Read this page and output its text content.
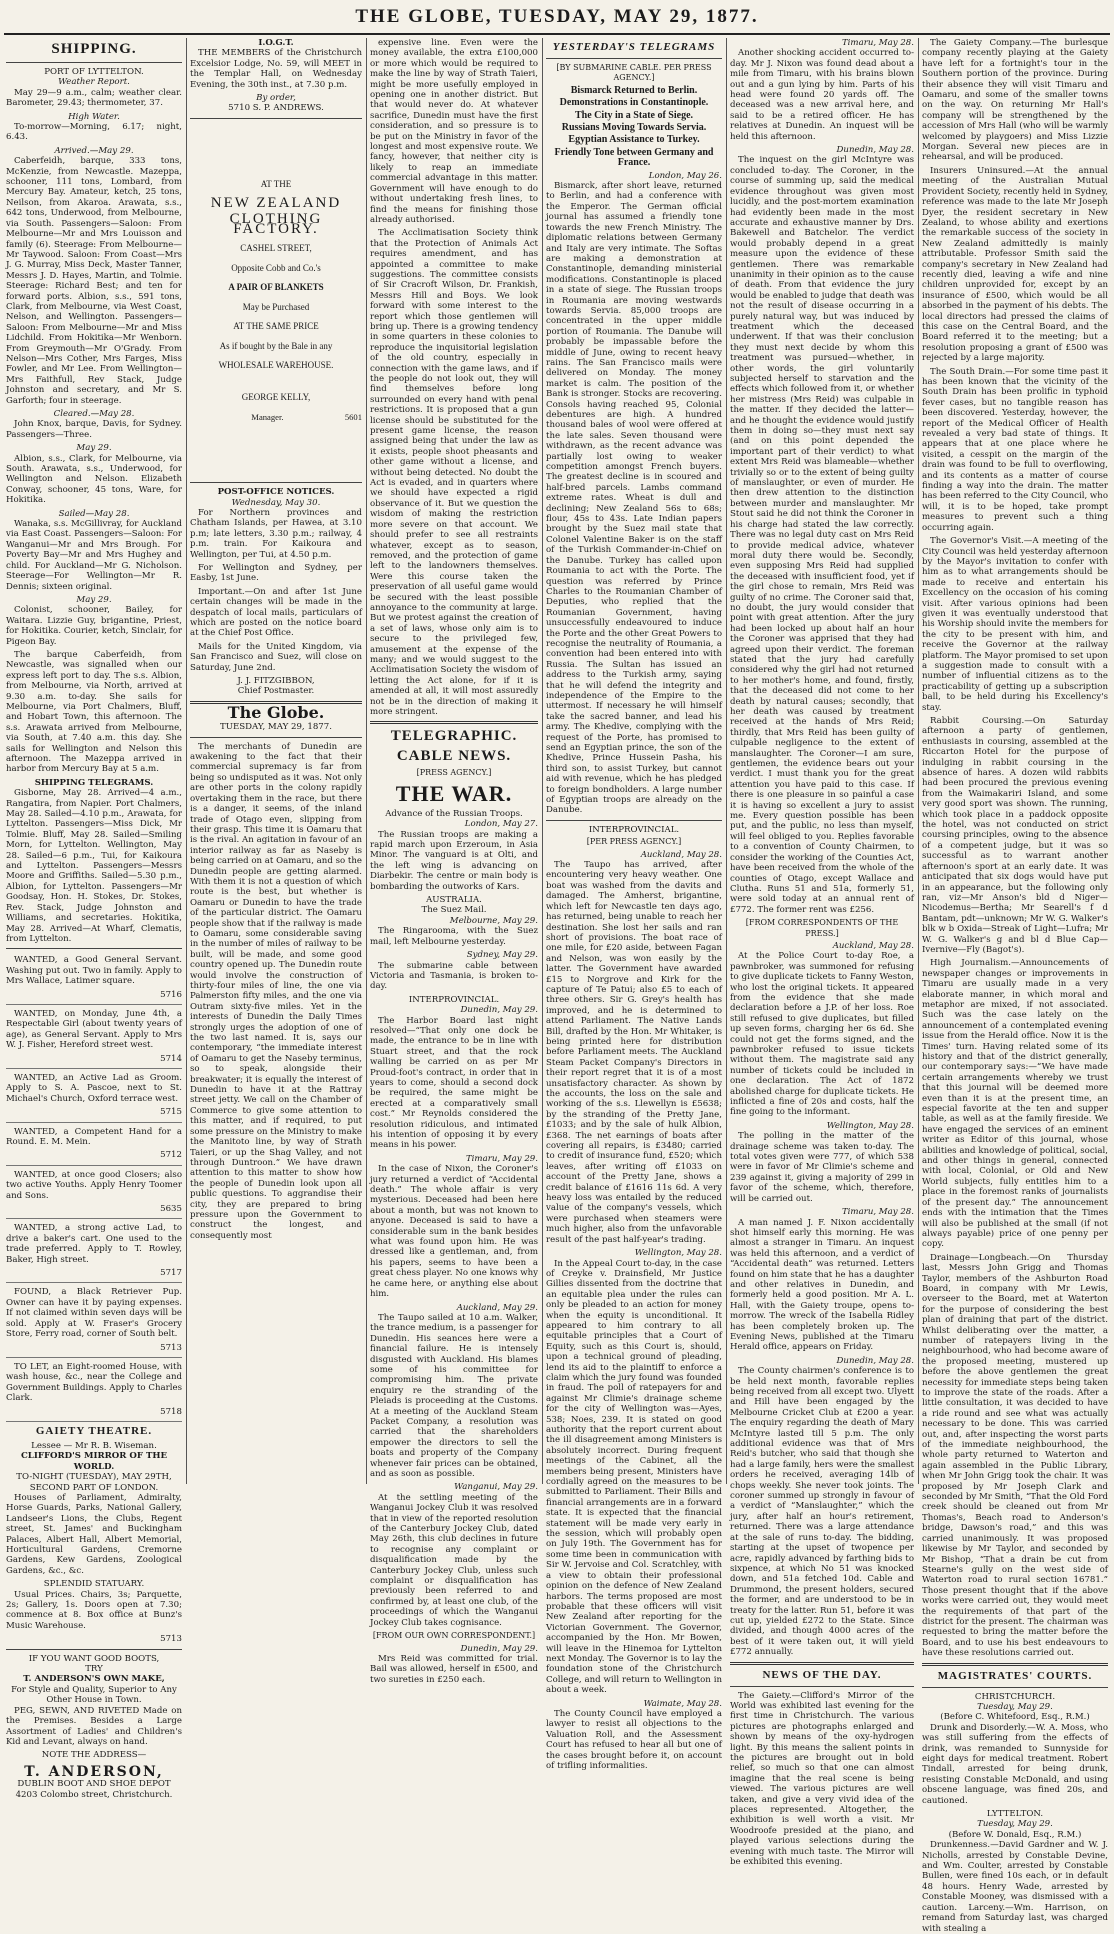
THE GLOBE, TUESDAY, MAY 29, 1877.
SHIPPING.
PORT OF LYTTELTON.
Weather Report.

May 29—9 a.m., calm; weather clear. Barometer, 29.43; thermometer, 37.

High Water.

To-morrow—Morning, 6.17; night, 6.43.

Arrived.—May 29.

Caberfeidh, barque, 333 tons, McKenzie, from Newcastle. Mazeppa, schooner, 111 tons, Lombard, from Mercury Bay. Amateur, ketch, 25 tons, Neilson, from Akaroa. Arawata, s.s., 642 tons, Underwood, from Melbourne, via South. Passengers—Saloon: From Melbourne—Mr and Mrs Louisson and family (6). Steerage: From Melbourne—Mr Taywood. Saloon: From Coast—Mrs J. G. Murray, Miss Deck, Master Tanner, Messrs J. D. Hayes, Martin, and Tolmie. Steerage: Richard Best; and ten for forward ports. Albion, s.s., 591 tons, Clark, from Melbourne, via West Coast, Nelson, and Wellington. Passengers—Saloon: From Melbourne—Mr and Miss Lidchild. From Hokitika—Mr Wenborn. From Greymouth—Mr O'Grady. From Nelson—Mrs Cother, Mrs Farges, Miss Fowler, and Mr Lee. From Wellington—Mrs Faithfull, Rev Stack, Judge Johnston and secretary, and Mr S. Garforth; four in steerage.

Cleared.—May 28.

John Knox, barque, Davis, for Sydney. Passengers—Three.

May 29.

Albion, s.s., Clark, for Melbourne, via South. Arawata, s.s., Underwood, for Wellington and Nelson. Elizabeth Conway, schooner, 45 tons, Ware, for Hokitika.

Sailed—May 28.

Wanaka, s.s. McGillivray, for Auckland via East Coast. Passengers—Saloon: For Wanganui—Mr and Mrs Brough. For Poverty Bay—Mr and Mrs Hughey and child. For Auckland—Mr G. Nicholson. Steerage—For Wellington—Mr R. Dennis; sixteen original.

May 29.

Colonist, schooner, Bailey, for Waitara. Lizzie Guy, brigantine, Priest, for Hokitika. Courier, ketch, Sinclair, for Pigeon Bay.

The barque Caberfeidh, from Newcastle, was signalled when our express left port to day. The s.s. Albion, from Melbourne, via North, arrived at 9.30 a.m. to-day. She sails for Melbourne, via Port Chalmers, Bluff, and Hobart Town, this afternoon. The s.s. Arawata arrived from Melbourne, via South, at 7.40 a.m. this day. She sails for Wellington and Nelson this afternoon. The Mazeppa arrived in harbor from Mercury Bay at 5 a.m.

SHIPPING TELEGRAMS.

Gisborne, May 28. Arrived—4 a.m., Rangatira, from Napier. Port Chalmers, May 28. Sailed—4.10 p.m., Arawata, for Lyttelton. Passengers—Miss Dick, Mr Tolmie. Bluff, May 28. Sailed—Smiling Morn, for Lyttelton. Wellington, May 28. Sailed—6 p.m., Tui, for Kaikoura and Lyttelton. Passengers—Messrs Moore and Griffiths. Sailed—5.30 p.m., Albion, for Lyttelton. Passengers—Mr Goodsay, Hon. H. Stokes, Dr. Stokes, Rev. Stack, Judge Johnston and Williams, and secretaries. Hokitika, May 28. Arrived—At Wharf, Clematis, from Lyttelton.

WANTED, a Good General Servant. Washing put out. Two in family. Apply to Mrs Wallace, Latimer square.

5716

WANTED, on Monday, June 4th, a Respectable Girl (about twenty years of age), as General Servant. Apply to Mrs W. J. Fisher, Hereford street west.

5714

WANTED, an Active Lad as Groom. Apply to S. A. Pascoe, next to St. Michael's Church, Oxford terrace west.

5715

WANTED, a Competent Hand for a Round. E. M. Mein.

5712

WANTED, at once good Closers; also two active Youths. Apply Henry Toomer and Sons.

5635

WANTED, a strong active Lad, to drive a baker's cart. One used to the trade preferred. Apply to T. Rowley, Baker, High street.

5717

FOUND, a Black Retriever Pup. Owner can have it by paying expenses. If not claimed within seven days will be sold. Apply at W. Fraser's Grocery Store, Ferry road, corner of South belt.

5713

TO LET, an Eight-roomed House, with wash house, &c., near the College and Government Buildings. Apply to Charles Clark.

5718
GAIETY THEATRE.
Lessee — Mr R. B. Wiseman.
CLIFFORD'S MIRROR OF THE WORLD.
TO-NIGHT (TUESDAY), MAY 29TH, SECOND PART OF LONDON.

Houses of Parliament, Admiralty, Horse Guards, Parks, National Gallery, Landseer's Lions, the Clubs, Regent street, St. James' and Buckingham Palaces, Albert Hall, Albert Memorial, Horticultural Gardens, Cremorne Gardens, Kew Gardens, Zoological Gardens, &c., &c.

SPLENDID STATUARY.

Usual Prices. Chairs, 3s; Parquette, 2s; Gallery, 1s. Doors open at 7.30; commence at 8. Box office at Bunz's Music Warehouse.

5713
IF YOU WANT GOOD BOOTS,
TRY
T. ANDERSON'S OWN MAKE,
For Style and Quality, Superior to Any Other House in Town.

PEG, SEWN, AND RIVETED Made on the Premises. Besides a Large Assortment of Ladies' and Children's Kid and Levant, always on hand.

NOTE THE ADDRESS—
T. ANDERSON,
DUBLIN BOOT AND SHOE DEPOT
4203 Colombo street, Christchurch.
I.O.G.T.

THE MEMBERS of the Christchurch Excelsior Lodge, No. 59, will MEET in the Templar Hall, on Wednesday Evening, the 30th inst., at 7.30 p.m.

By order,
5710 S. P. ANDREWS.
AT THE
NEW ZEALAND
CLOTHING FACTORY.
CASHEL STREET,
Opposite Cobb and Co.'s
A PAIR OF BLANKETS
May be Purchased
AT THE SAME PRICE
As if bought by the Bale in any
WHOLESALE WAREHOUSE.
GEORGE KELLY,
Manager.	5601
POST-OFFICE NOTICES.
Wednesday, May 30.

For Northern provinces and Chatham Islands, per Hawea, at 3.10 p.m; late letters, 3.30 p.m.; railway, 4 p.m. train. For Kaikoura and Wellington, per Tui, at 4.50 p.m.

For Wellington and Sydney, per Easby, 1st June.

Important.—On and after 1st June certain changes will be made in the despatch of local mails, particulars of which are posted on the notice board at the Chief Post Office.

Mails for the United Kingdom, via San Francisco and Suez, will close on Saturday, June 2nd.

J. J. FITZGIBBON,
Chief Postmaster.
The Globe.
TUESDAY, MAY 29, 1877.

The merchants of Dunedin are awakening to the fact that their commercial supremacy is far from being so undisputed as it was. Not only are other ports in the colony rapidly overtaking them in the race, but there is a danger, it seems, of the inland trade of Otago even, slipping from their grasp. This time it is Oamaru that is the rival. An agitation in favour of an interior railway as far as Naseby is being carried on at Oamaru, and so the Dunedin people are getting alarmed. With them it is not a question of which route is the best, but whether is Oamaru or Dunedin to have the trade of the particular district. The Oamaru people show that if the railway is made to Oamaru, some considerable saving in the number of miles of railway to be built, will be made, and some good country opened up. The Dunedin route would involve the construction of thirty-four miles of line, the one via Palmerston fifty miles, and the one via Outram sixty-five miles. Yet in the interests of Dunedin the Daily Times strongly urges the adoption of one of the two last named. It is, says our contemporary, “the immediate interest of Oamaru to get the Naseby terminus, so to speak, alongside their breakwater; it is equally the interest of Dunedin to have it at the Rattray street jetty. We call on the Chamber of Commerce to give some attention to this matter, and if required, to put some pressure on the Ministry to make the Manitoto line, by way of Strath Taieri, or up the Shag Valley, and not through Duntroon.” We have drawn attention to this matter to show how the people of Dunedin look upon all public questions. To aggrandise their city, they are prepared to bring pressure upon the Government to construct the longest, and consequently most

expensive line. Even were the money available, the extra £100,000 or more which would be required to make the line by way of Strath Taieri, might be more usefully employed in opening one in another district. But that would never do. At whatever sacrifice, Dunedin must have the first consideration, and so pressure is to be put on the Ministry in favor of the longest and most expensive route. We fancy, however, that neither city is likely to reap an immediate commercial advantage in this matter. Government will have enough to do without undertaking fresh lines, to find the means for finishing those already authorised.

The Acclimatisation Society think that the Protection of Animals Act requires amendment, and has appointed a committee to make suggestions. The committee consists of Sir Cracroft Wilson, Dr. Frankish, Messrs Hill and Boys. We look forward with some interest to the report which those gentlemen will bring up. There is a growing tendency in some quarters in these colonies to reproduce the inquisitorial legislation of the old country, especially in connection with the game laws, and if the people do not look out, they will find themselves before long surrounded on every hand with penal restrictions. It is proposed that a gun license should be substituted for the present game license, the reason assigned being that under the law as it exists, people shoot pheasants and other game without a license, and without being detected. No doubt the Act is evaded, and in quarters where we should have expected a rigid observance of it. But we question the wisdom of making the restriction more severe on that account. We should prefer to see all restraints whatever, except as to season, removed, and the protection of game left to the landowners themselves. Were this course taken the preservation of all useful game would be secured with the least possible annoyance to the community at large. But we protest against the creation of a set of laws, whose only aim is to secure to the privileged few, amusement at the expense of the many; and we would suggest to the Acclimatisation Society the wisdom of letting the Act alone, for if it is amended at all, it will most assuredly not be in the direction of making it more stringent.

TELEGRAPHIC.
CABLE NEWS.
[PRESS AGENCY.]
THE WAR.
Advance of the Russian Troops.
London, May 27.

The Russian troops are making a rapid march upon Erzeroum, in Asia Minor. The vanguard is at Olti, and the left wing is advancing on Diarbekir. The centre or main body is bombarding the outworks of Kars.

AUSTRALIA.
The Suez Mail.
Melbourne, May 29.

The Ringarooma, with the Suez mail, left Melbourne yesterday.

Sydney, May 29.

The submarine cable between Victoria and Tasmania, is broken to-day.

INTERPROVINCIAL.
Dunedin, May 29.

The Harbor Board last night resolved—“That only one dock be made, the entrance to be in line with Stuart street, and that the rock walling be carried on as per Mr Proud-foot's contract, in order that in years to come, should a second dock be required, the same might be erected at a comparatively small cost.” Mr Reynolds considered the resolution ridiculous, and intimated his intention of opposing it by every means in his power.

Timaru, May 29.

In the case of Nixon, the Coroner's jury returned a verdict of “Accidental death.” The whole affair is very mysterious. Deceased had been here about a month, but was not known to anyone. Deceased is said to have a considerable sum in the bank besides what was found upon him. He was dressed like a gentleman, and, from his papers, seems to have been a great chess player. No one knows why he came here, or anything else about him.

Auckland, May 29.

The Taupo sailed at 10 a.m. Walker, the trance medium, is a passenger for Dunedin. His seances here were a financial failure. He is intensely disgusted with Auckland. His blames some of his committee for compromising him. The private enquiry re the stranding of the Pleiads is proceeding at the Customs. At a meeting of the Auckland Steam Packet Company, a resolution was carried that the shareholders empower the directors to sell the boats and property of the Company whenever fair prices can be obtained, and as soon as possible.

Wanganui, May 29.

At the settling meeting of the Wanganui Jockey Club it was resolved that in view of the reported resolution of the Canterbury Jockey Club, dated May 26th, this club declines in future to recognise any complaint or disqualification made by the Canterbury Jockey Club, unless such complaint or disqualification has previously been referred to and confirmed by, at least one club, of the proceedings of which the Wanganui Jockey Club takes cognisance.

[FROM OUR OWN CORRESPONDENT.]
Dunedin, May 29.

Mrs Reid was committed for trial. Bail was allowed, herself in £500, and two sureties in £250 each.

YESTERDAY'S TELEGRAMS
[BY SUBMARINE CABLE. PER PRESS AGENCY.]
Bismarck Returned to Berlin.
Demonstrations in Constantinople.
The City in a State of Siege.
Russians Moving Towards Servia.
Egyptian Assistance to Turkey.
Friendly Tone between Germany and France.
London, May 26.

Bismarck, after short leave, returned to Berlin, and had a conference with the Emperor. The German official journal has assumed a friendly tone towards the new French Ministry. The diplomatic relations between Germany and Italy are very intimate. The Softas are making a demonstration at Constantinople, demanding ministerial modifications. Constantinople is placed in a state of siege. The Russian troops in Roumania are moving westwards towards Servia. 85,000 troops are concentrated in the upper middle portion of Roumania. The Danube will probably be impassable before the middle of June, owing to recent heavy rains. The San Francisco mails were delivered on Monday. The money market is calm. The position of the Bank is stronger. Stocks are recovering. Consols having reached 95, Colonial debentures are high. A hundred thousand bales of wool were offered at the late sales. Seven thousand were withdrawn, as the recent advance was partially lost owing to weaker competition amongst French buyers. The greatest decline is in scoured and half-bred parcels. Lambs command extreme rates. Wheat is dull and declining; New Zealand 56s to 68s; flour, 45s to 43s. Late Indian papers brought by the Suez mail state that Colonel Valentine Baker is on the staff of the Turkish Commander-in-Chief on the Danube. Turkey has called upon Roumania to act with the Porte. The question was referred by Prince Charles to the Roumanian Chamber of Deputies, who replied that the Roumanian Government, having unsuccessfully endeavoured to induce the Porte and the other Great Powers to recognise the neutrality of Roumania, a convention had been entered into with Russia. The Sultan has issued an address to the Turkish army, saying that he will defend the integrity and independence of the Empire to the uttermost. If necessary he will himself take the sacred banner, and lead his army. The Khedive, complying with the request of the Porte, has promised to send an Egyptian prince, the son of the Khedive, Prince Hussein Pasha, his third son, to assist Turkey, but cannot aid with revenue, which he has pledged to foreign bondholders. A large number of Egyptian troops are already on the Danube.

INTERPROVINCIAL.
[PER PRESS AGENCY.]
Auckland, May 28.

The Taupo has arrived, after encountering very heavy weather. One boat was washed from the davits and damaged. The Amherst, brigantine, which left for Newcastle ten days ago, has returned, being unable to reach her destination. She lost her sails and ran short of provisions. The boat race of one mile, for £20 aside, between Fagan and Nelson, was won easily by the latter. The Government have awarded £15 to Norgrove and Kirk for the capture of Te Patui; also £5 to each of three others. Sir G. Grey's health has improved, and he is determined to attend Parliament. The Native Lands Bill, drafted by the Hon. Mr Whitaker, is being printed here for distribution before Parliament meets. The Auckland Steam Packet Company's Directors in their report regret that it is of a most unsatisfactory character. As shown by the accounts, the loss on the sale and working of the s.s. Llewellyn is £5638; by the stranding of the Pretty Jane, £1033; and by the sale of hulk Albion, £368. The net earnings of boats after covering all repairs, is £3480; carried to credit of insurance fund, £520; which leaves, after writing off £1033 on account of the Pretty Jane, shows a credit balance of £1616 11s 6d. A very heavy loss was entailed by the reduced value of the company's vessels, which were purchased when steamers were much higher, also from the unfavorable result of the past half-year's trading.

Wellington, May 28.

In the Appeal Court to-day, in the case of Creyke v. Drainsfield, Mr Justice Gillies dissented from the doctrine that an equitable plea under the rules can only be pleaded to an action for money when the equity is unconditional. It appeared to him contrary to all equitable principles that a Court of Equity, such as this Court is, should, upon a technical ground of pleading, lend its aid to the plaintiff to enforce a claim which the jury found was founded in fraud. The poll of ratepayers for and against Mr Climie's drainage scheme for the city of Wellington was—Ayes, 538; Noes, 239. It is stated on good authority that the report current about the ill disagreement among Ministers is absolutely incorrect. During frequent meetings of the Cabinet, all the members being present, Ministers have cordially agreed on the measures to be submitted to Parliament. Their Bills and financial arrangements are in a forward state. It is expected that the financial statement will be made very early in the session, which will probably open on July 19th. The Government has for some time been in communication with Sir W. Jervoise and Col. Scratchley, with a view to obtain their professional opinion on the defence of New Zealand harbors. The terms proposed are most probable that these officers will visit New Zealand after reporting for the Victorian Government. The Governor, accompanied by the Hon. Mr Bowen, will leave in the Hinemoa for Lyttelton next Monday. The Governor is to lay the foundation stone of the Christchurch College, and will return to Wellington in about a week.

Waimate, May 28.

The County Council have employed a lawyer to resist all objections to the Valuation Roll, and the Assessment Court has refused to hear all but one of the cases brought before it, on account of trifling informalities.

Timaru, May 28.

Another shocking accident occurred to-day. Mr J. Nixon was found dead about a mile from Timaru, with his brains blown out and a gun lying by him. Parts of his head were found 20 yards off. The deceased was a new arrival here, and said to be a retired officer. He has relatives at Dunedin. An inquest will be held this afternoon.

Dunedin, May 28.

The inquest on the girl McIntyre was concluded to-day. The Coroner, in the course of summing up, said the medical evidence throughout was given most lucidly, and the post-mortem examination had evidently been made in the most accurate and exhaustive manner by Drs. Bakewell and Batchelor. The verdict would probably depend in a great measure upon the evidence of these gentlemen. There was remarkable unanimity in their opinion as to the cause of death. From that evidence the jury would be enabled to judge that death was not the result of disease occurring in a purely natural way, but was induced by treatment which the deceased underwent. If that was their conclusion they must next decide by whom this treatment was pursued—whether, in other words, the girl voluntarily subjected herself to starvation and the effects which followed from it, or whether her mistress (Mrs Reid) was culpable in the matter. If they decided the latter—and he thought the evidence would justify them in doing so—they must next say (and on this point depended the important part of their verdict) to what extent Mrs Reid was blameable—whether trivially so or to the extent of being guilty of manslaughter, or even of murder. He then drew attention to the distinction between murder and manslaughter. Mr Stout said he did not think the Coroner in his charge had stated the law correctly. There was no legal duty cast on Mrs Reid to provide medical advice, whatever moral duty there would be. Secondly, even supposing Mrs Reid had supplied the deceased with insufficient food, yet if the girl chose to remain, Mrs Reid was guilty of no crime. The Coroner said that, no doubt, the jury would consider that point with great attention. After the jury had been locked up about half an hour the Coroner was apprised that they had agreed upon their verdict. The foreman stated that the jury had carefully considered why the girl had not returned to her mother's home, and found, firstly, that the deceased did not come to her death by natural causes; secondly, that her death was caused by treatment received at the hands of Mrs Reid; thirdly, that Mrs Reid has been guilty of culpable negligence to the extent of manslaughter. The Coroner—I am sure, gentlemen, the evidence bears out your verdict. I must thank you for the great attention you have paid to this case. If there is one pleasure in so painful a case it is having so excellent a jury to assist me. Every question possible has been put, and the public, no less than myself, will feel obliged to you. Replies favorable to a convention of County Chairmen, to consider the working of the Counties Act, have been received from the whole of the counties of Otago, except Wallace and Clutha. Runs 51 and 51a, formerly 51, were sold today at an annual rent of £772. The former rent was £256.

[FROM CORRESPONDENTS OF THE PRESS.]
Auckland, May 28.

At the Police Court to-day Roe, a pawnbroker, was summoned for refusing to give duplicate tickets to Fanny Weston, who lost the original tickets. It appeared from the evidence that she made declaration before a J.P. of her loss. Roe still refused to give duplicates, but filled up seven forms, charging her 6s 6d. She could not get the forms signed, and the pawnbroker refused to issue tickets without them. The magistrate said any number of tickets could be included in one declaration. The Act of 1872 abolished charge for duplicate tickets. He inflicted a fine of 20s and costs, half the fine going to the informant.

Wellington, May 28.

The polling in the matter of the drainage scheme was taken to-day. The total votes given were 777, of which 538 were in favor of Mr Climie's scheme and 239 against it, giving a majority of 299 in favor of the scheme, which, therefore, will be carried out.

Timaru, May 28.

A man named J. F. Nixon accidentally shot himself early this morning. He was almost a stranger in Timaru. An inquest was held this afternoon, and a verdict of “Accidental death” was returned. Letters found on him state that he has a daughter and other relatives in Dunedin, and formerly held a good position. Mr A. L. Hall, with the Gaiety troupe, opens to-morrow. The wreck of the Isabella Ridley has been completely broken up. The Evening News, published at the Timaru Herald office, appears on Friday.

Dunedin, May 28.

The County chairmen's conference is to be held next month, favorable replies being received from all except two. Ulyett and Hill have been engaged by the Melbourne Cricket Club at £200 a year. The enquiry regarding the death of Mary McIntyre lasted till 5 p.m. The only additional evidence was that of Mrs Reid's butcher, who said that though she had a large family, hers were the smallest orders he received, averaging 14lb of chops weekly. She never took joints. The coroner summed up strongly in favour of a verdict of “Manslaughter,” which the jury, after half an hour's retirement, returned. There was a large attendance at the sale of runs to-day. The bidding, starting at the upset of twopence per acre, rapidly advanced by farthing bids to sixpence, at which No 51 was knocked down, and 51a fetched 10d. Cable and Drummond, the present holders, secured the former, and are understood to be in treaty for the latter. Run 51, before it was cut up, yielded £272 to the State. Since divided, and though 4000 acres of the best of it were taken out, it will yield £772 annually.

NEWS OF THE DAY.

The Gaiety.—Clifford's Mirror of the World was exhibited last evening for the first time in Christchurch. The various pictures are photographs enlarged and shown by means of the oxy-hydrogen light. By this means the salient points in the pictures are brought out in bold relief, so much so that one can almost imagine that the real scene is being viewed. The various pictures are well taken, and give a very vivid idea of the places represented. Altogether, the exhibition is well worth a visit. Mr Woodroofe presided at the piano, and played various selections during the evening with much taste. The Mirror will be exhibited this evening.

The Gaiety Company.—The burlesque company recently playing at the Gaiety have left for a fortnight's tour in the Southern portion of the province. During their absence they will visit Timaru and Oamaru, and some of the smaller towns on the way. On returning Mr Hall's company will be strengthened by the accession of Mrs Hall (who will be warmly welcomed by playgoers) and Miss Lizzie Morgan. Several new pieces are in rehearsal, and will be produced.

Insurers Uninsured.—At the annual meeting of the Australian Mutual Provident Society, recently held in Sydney, reference was made to the late Mr Joseph Dyer, the resident secretary in New Zealand, to whose ability and exertions the remarkable success of the society in New Zealand admittedly is mainly attributable. Professor Smith said the company's secretary in New Zealand had recently died, leaving a wife and nine children unprovided for, except by an insurance of £500, which would be all absorbed in the payment of his debts. The local directors had pressed the claims of this case on the Central Board, and the Board referred it to the meeting; but a resolution proposing a grant of £500 was rejected by a large majority.

The South Drain.—For some time past it has been known that the vicinity of the South Drain has been prolific in typhoid fever cases, but no tangible reason has been discovered. Yesterday, however, the report of the Medical Officer of Health revealed a very bad state of things. It appears that at one place where he visited, a cesspit on the margin of the drain was found to be full to overflowing, and its contents as a matter of course finding a way into the drain. The matter has been referred to the City Council, who will, it is to be hoped, take prompt measures to prevent such a thing occurring again.

The Governor's Visit.—A meeting of the City Council was held yesterday afternoon by the Mayor's invitation to confer with him as to what arrangements should be made to receive and entertain his Excellency on the occasion of his coming visit. After various opinions had been given it was eventually understood that his Worship should invite the members for the city to be present with him, and receive the Governor at the railway platform. The Mayor promised to set upon a suggestion made to consult with a number of influential citizens as to the practicability of getting up a subscription ball, to be held during his Excellency's stay.

Rabbit Coursing.—On Saturday afternoon a party of gentlemen, enthusiasts in coursing, assembled at the Riccarton Hotel for the purpose of indulging in rabbit coursing in the absence of hares. A dozen wild rabbits had been procured the previous evening from the Waimakariri Island, and some very good sport was shown. The running, which took place in a paddock opposite the hotel, was not conducted on strict coursing principles, owing to the absence of a competent judge, but it was so successful as to warrant another afternoon's sport at an early date. It was anticipated that six dogs would have put in an appearance, but the following only ran, viz—Mr Anson's bld d Niger—Nicodemus—Bertha; Mr Searell's f d Bantam, pdt—unknown; Mr W. G. Walker's blk w b Oxida—Streak of Light—Lufra; Mr W. G. Walker's g and bl d Blue Cap—Ivernive—Fly (Bagot's).

High Journalism.—Announcements of newspaper changes or improvements in Timaru are usually made in a very elaborate manner, in which moral and metaphor are mixed, if not associated. Such was the case lately on the announcement of a contemplated evening issue from the Herald office. Now it is the Times' turn. Having related some of its history and that of the district generally, our contemporary says:—“We have made certain arrangements whereby we trust that this journal will be deemed more even than it is at the present time, an especial favorite at the ten and supper table, as well as at the family fireside. We have engaged the services of an eminent writer as Editor of this journal, whose abilities and knowledge of political, social, and other things in general, connected with local, Colonial, or Old and New World subjects, fully entitles him to a place in the foremost ranks of journalists of the present day.” The announcement ends with the intimation that the Times will also be published at the small (if not always payable) price of one penny per copy.

Drainage—Longbeach.—On Thursday last, Messrs John Grigg and Thomas Taylor, members of the Ashburton Road Board, in company with Mr Lewis, overseer to the Board, met at Waterton for the purpose of considering the best plan of draining that part of the district. Whilst deliberating over the matter, a number of ratepayers living in the neighbourhood, who had become aware of the proposed meeting, mustered up before the above gentlemen the great necessity for immediate steps being taken to improve the state of the roads. After a little consultation, it was decided to have a ride round and see what was actually necessary to be done. This was carried out, and, after inspecting the worst parts of the immediate neighbourhood, the whole party returned to Waterton and again assembled in the Public Library, when Mr John Grigg took the chair. It was proposed by Mr Joseph Clark and seconded by Mr Smith, “That the Old Ford creek should be cleaned out from Mr Thomas's, Beach road to Anderson's bridge, Dawson's road,” and this was carried unanimously. It was proposed likewise by Mr Taylor, and seconded by Mr Bishop, “That a drain be cut from Stearne's gully on the west side of Waterton road to rural section 16781.” Those present thought that if the above works were carried out, they would meet the requirements of that part of the district for the present. The chairman was requested to bring the matter before the Board, and to use his best endeavours to have these resolutions carried out.

MAGISTRATES' COURTS.
CHRISTCHURCH.
Tuesday, May 29.
(Before C. Whitefoord, Esq., R.M.)

Drunk and Disorderly.—W. A. Moss, who was still suffering from the effects of drink, was remanded to Sunnyside for eight days for medical treatment. Robert Tindall, arrested for being drunk, resisting Constable McDonald, and using obscene language, was fined 20s, and cautioned.

LYTTELTON.
Tuesday, May 29.
(Before W. Donald, Esq., R.M.)

Drunkenness.—David Gardner and W. J. Nicholls, arrested by Constable Devine, and Wm. Coulter, arrested by Constable Bullen, were fined 10s each, or in default 48 hours. Henry Wade, arrested by Constable Mooney, was dismissed with a caution. Larceny.—Wm. Harrison, on remand from Saturday last, was charged with stealing a
